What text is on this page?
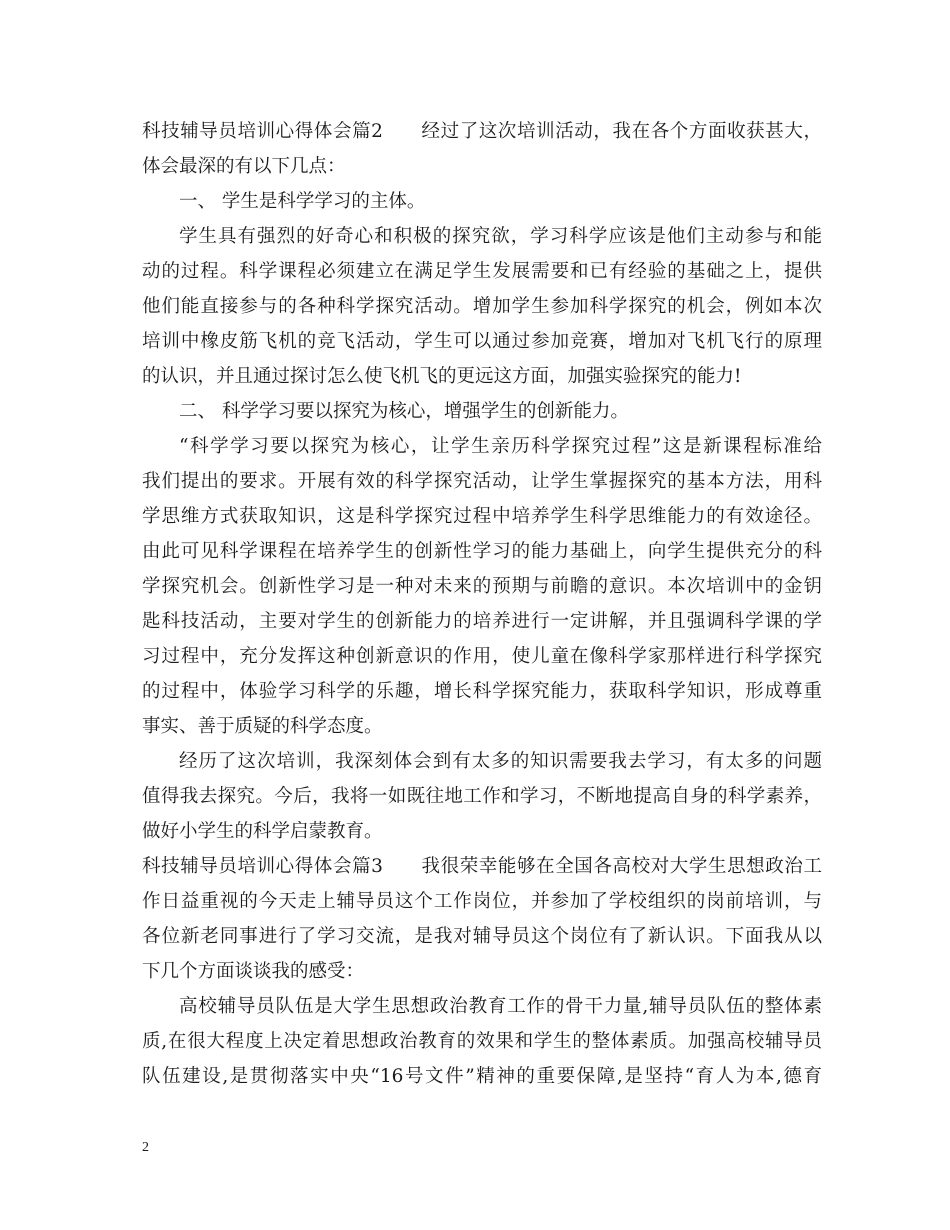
科技辅导员培训心得体会篇2 经过了这次培训活动，我在各个方面收获甚大，
体会最深的有以下几点：
一、 学生是科学学习的主体。
学生具有强烈的好奇心和积极的探究欲，学习科学应该是他们主动参与和能
动的过程。科学课程必须建立在满足学生发展需要和已有经验的基础之上，提供
他们能直接参与的各种科学探究活动。增加学生参加科学探究的机会，例如本次
培训中橡皮筋飞机的竞飞活动，学生可以通过参加竞赛，增加对飞机飞行的原理
的认识，并且通过探讨怎么使飞机飞的更远这方面，加强实验探究的能力!
二、 科学学习要以探究为核心，增强学生的创新能力。
“科学学习要以探究为核心，让学生亲历科学探究过程”这是新课程标准给
我们提出的要求。开展有效的科学探究活动，让学生掌握探究的基本方法，用科
学思维方式获取知识，这是科学探究过程中培养学生科学思维能力的有效途径。
由此可见科学课程在培养学生的创新性学习的能力基础上，向学生提供充分的科
学探究机会。创新性学习是一种对未来的预期与前瞻的意识。本次培训中的金钥
匙科技活动，主要对学生的创新能力的培养进行一定讲解，并且强调科学课的学
习过程中，充分发挥这种创新意识的作用，使儿童在像科学家那样进行科学探究
的过程中，体验学习科学的乐趣，增长科学探究能力，获取科学知识，形成尊重
事实、善于质疑的科学态度。
经历了这次培训，我深刻体会到有太多的知识需要我去学习，有太多的问题
值得我去探究。今后，我将一如既往地工作和学习，不断地提高自身的科学素养，
做好小学生的科学启蒙教育。
科技辅导员培训心得体会篇3 我很荣幸能够在全国各高校对大学生思想政治工
作日益重视的今天走上辅导员这个工作岗位，并参加了学校组织的岗前培训，与
各位新老同事进行了学习交流，是我对辅导员这个岗位有了新认识。下面我从以
下几个方面谈谈我的感受：
高校辅导员队伍是大学生思想政治教育工作的骨干力量,辅导员队伍的整体素
质,在很大程度上决定着思想政治教育的效果和学生的整体素质。加强高校辅导员
队伍建设,是贯彻落实中央“16号文件”精神的重要保障,是坚持“育人为本,德育
2
